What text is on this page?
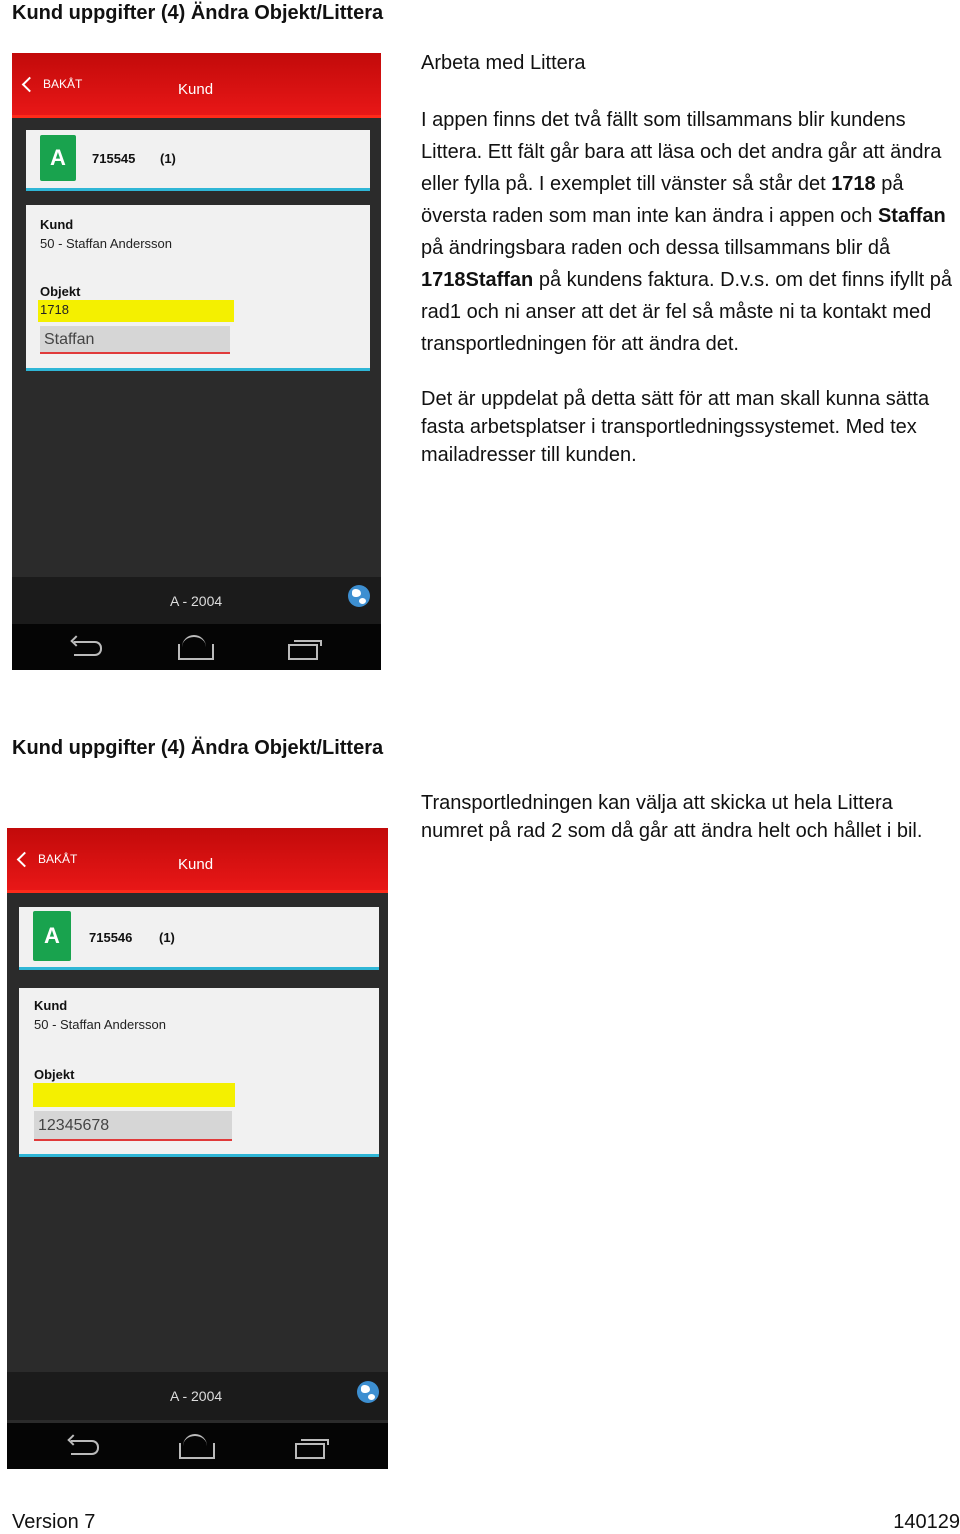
Kund uppgifter (4) Ändra Objekt/Littera
BAKÅT	Kund
A	715545 (1)
Kund
50 - Staffan Andersson
Objekt
1718
Staffan
A - 2004
Arbeta med Littera
I appen finns det två fällt som tillsammans blir kundens Littera. Ett fält går bara att läsa och det andra går att ändra eller fylla på. I exemplet till vänster så står det 1718 på översta raden som man inte kan ändra i appen och Staffan på ändringsbara raden och dessa tillsammans blir då 1718Staffan på kundens faktura. D.v.s. om det finns ifyllt på rad1 och ni anser att det är fel så måste ni ta kontakt med transportledningen för att ändra det.
Det är uppdelat på detta sätt för att man skall kunna sätta fasta arbetsplatser i transportledningssystemet. Med tex mailadresser till kunden.
Kund uppgifter (4) Ändra Objekt/Littera
BAKÅT	Kund
A	715546 (1)
Kund
50 - Staffan Andersson
Objekt
12345678
A - 2004
Transportledningen kan välja att skicka ut hela Littera numret på rad 2 som då går att ändra helt och hållet i bil.
Version 7	140129
